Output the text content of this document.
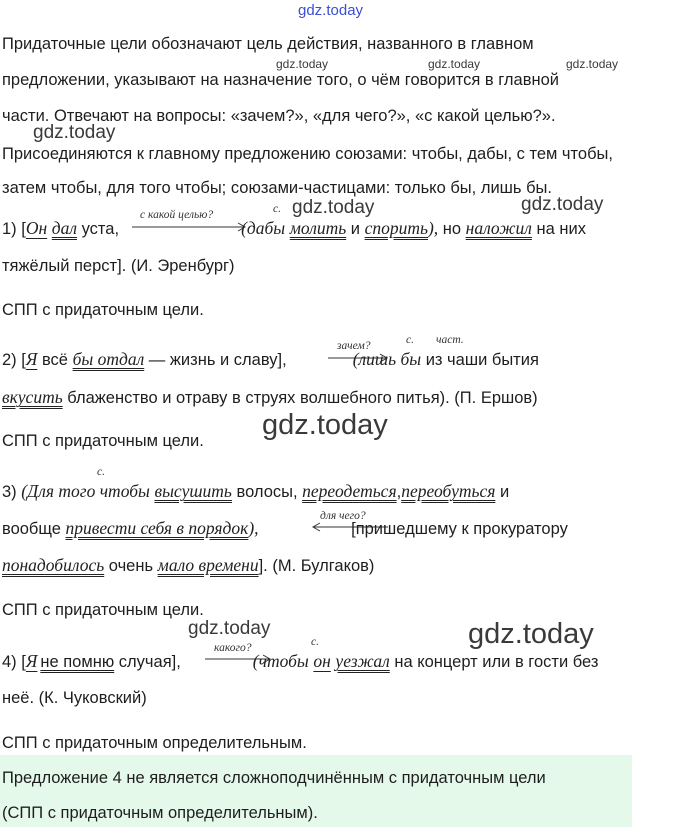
gdz.today
gdz.today	gdz.today	gdz.today
gdz.today
gdz.today	gdz.today
gdz.today
gdz.today	gdz.today
Придаточные цели обозначают цель действия, названного в главном
предложении, указывают на назначение того, о чём говорится в главной
части. Отвечают на вопросы: «зачем?», «для чего?», «с какой целью?».
Присоединяются к главному предложению союзами: чтобы, дабы, с тем чтобы,
затем чтобы, для того чтобы; союзами-частицами: только бы, лишь бы.
с какой целью?	с.
1) [Он дал уста,	(дабы молить и спорить), но наложил на них
тяжёлый перст]. (И. Эренбург)
СПП с придаточным цели.
зачем?	с. част.
2) [Я всё бы отдал — жизнь и славу],	(лишь бы из чаши бытия
вкусить блаженство и отраву в струях волшебного питья). (П. Ершов)
СПП с придаточным цели.
с.
3) (Для того чтобы высушить волосы, переодеться,переобуться и
для чего?
вообще привести себя в порядок),	[пришедшему к прокуратору
понадобилось очень мало времени]. (М. Булгаков)
СПП с придаточным цели.
какого?	с.
4) [Я не помню случая],	(чтобы он уезжал на концерт или в гости без
неё. (К. Чуковский)
СПП с придаточным определительным.
Предложение 4 не является сложноподчинённым с придаточным цели
(СПП с придаточным определительным).
